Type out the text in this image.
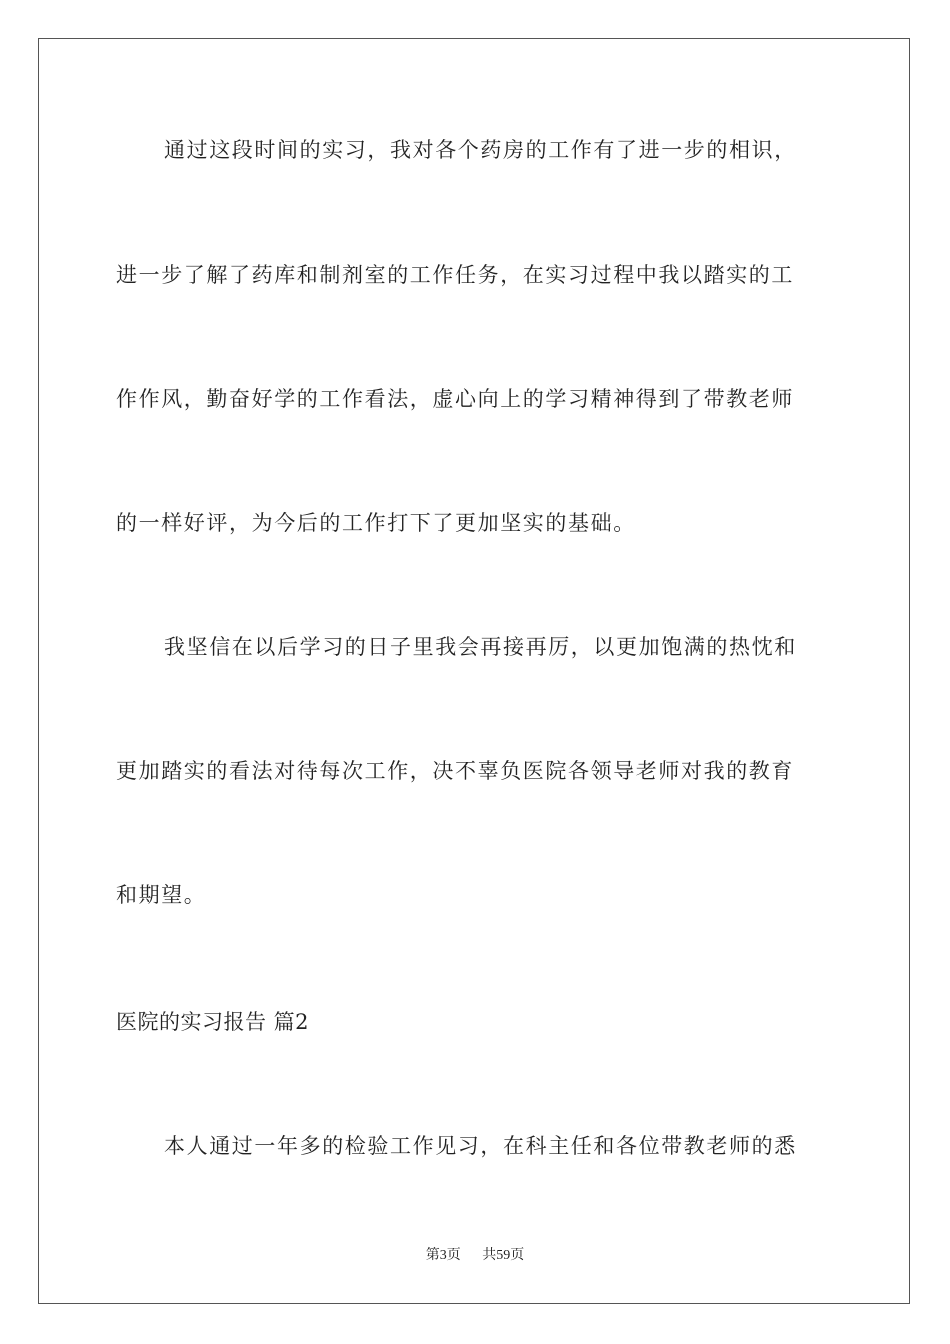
通过这段时间的实习，我对各个药房的工作有了进一步的相识，
进一步了解了药库和制剂室的工作任务，在实习过程中我以踏实的工
作作风，勤奋好学的工作看法，虚心向上的学习精神得到了带教老师
的一样好评，为今后的工作打下了更加坚实的基础。
我坚信在以后学习的日子里我会再接再厉，以更加饱满的热忱和
更加踏实的看法对待每次工作，决不辜负医院各领导老师对我的教育
和期望。
医院的实习报告 篇2
本人通过一年多的检验工作见习，在科主任和各位带教老师的悉
第3页 共59页
